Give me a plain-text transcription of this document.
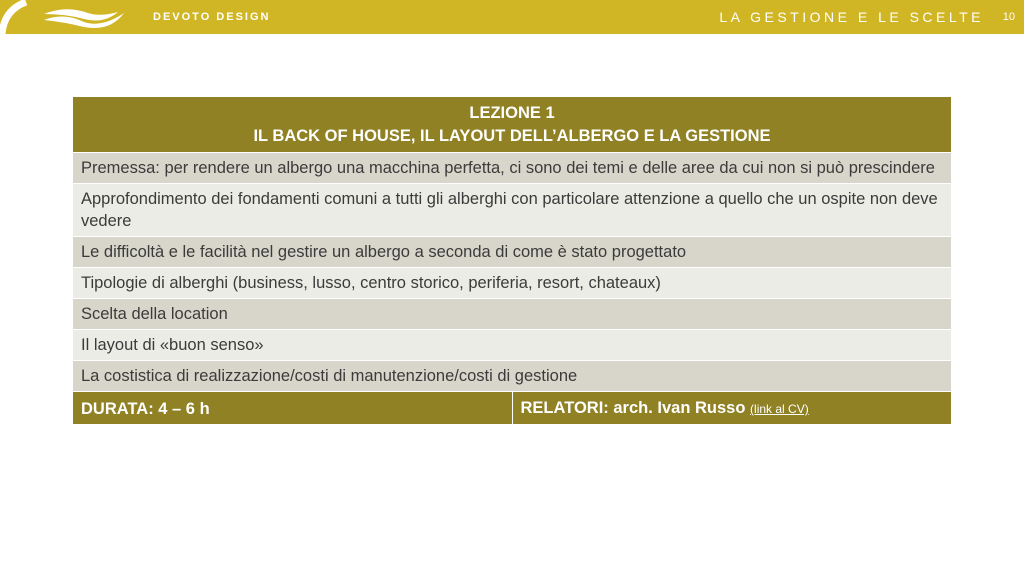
DEVOTO DESIGN	LA GESTIONE E LE SCELTE 10
LEZIONE 1
IL BACK OF HOUSE, IL LAYOUT DELL’ALBERGO E LA GESTIONE

Premessa: per rendere un albergo una macchina perfetta, ci sono dei temi e delle aree da cui non si può prescindere
Approfondimento dei fondamenti comuni a tutti gli alberghi con particolare attenzione a quello che un ospite non deve vedere
Le difficoltà e le facilità nel gestire un albergo a seconda di come è stato progettato
Tipologie di alberghi (business, lusso, centro storico, periferia, resort, chateaux)
Scelta della location
Il layout di «buon senso»
La costistica di realizzazione/costi di manutenzione/costi di gestione
DURATA: 4 – 6 h	RELATORI: arch. Ivan Russo (link al CV)
